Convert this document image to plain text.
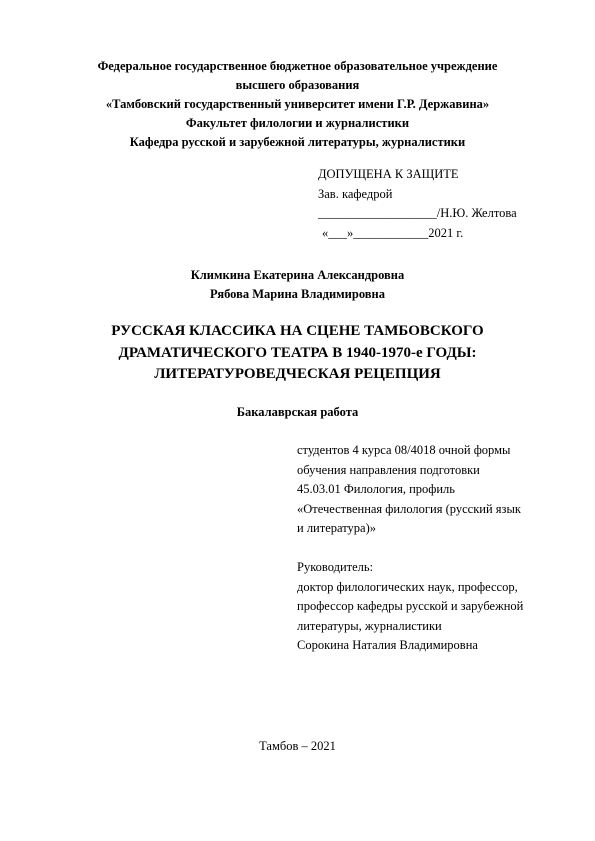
Федеральное государственное бюджетное образовательное учреждение
высшего образования
«Тамбовский государственный университет имени Г.Р. Державина»
Факультет филологии и журналистики
Кафедра русской и зарубежной литературы, журналистики
ДОПУЩЕНА К ЗАЩИТЕ
Зав. кафедрой
___________________/Н.Ю. Желтова
«___»____________2021 г.
Климкина Екатерина Александровна
Рябова Марина Владимировна
РУССКАЯ КЛАССИКА НА СЦЕНЕ ТАМБОВСКОГО
ДРАМАТИЧЕСКОГО ТЕАТРА В 1940-1970-е ГОДЫ:
ЛИТЕРАТУРОВЕДЧЕСКАЯ РЕЦЕПЦИЯ
Бакалаврская работа
студентов 4 курса 08/4018 очной формы
обучения направления подготовки
45.03.01 Филология, профиль
«Отечественная филология (русский язык
и литература)»
Руководитель:
доктор филологических наук, профессор,
профессор кафедры русской и зарубежной
литературы, журналистики
Сорокина Наталия Владимировна
Тамбов – 2021
